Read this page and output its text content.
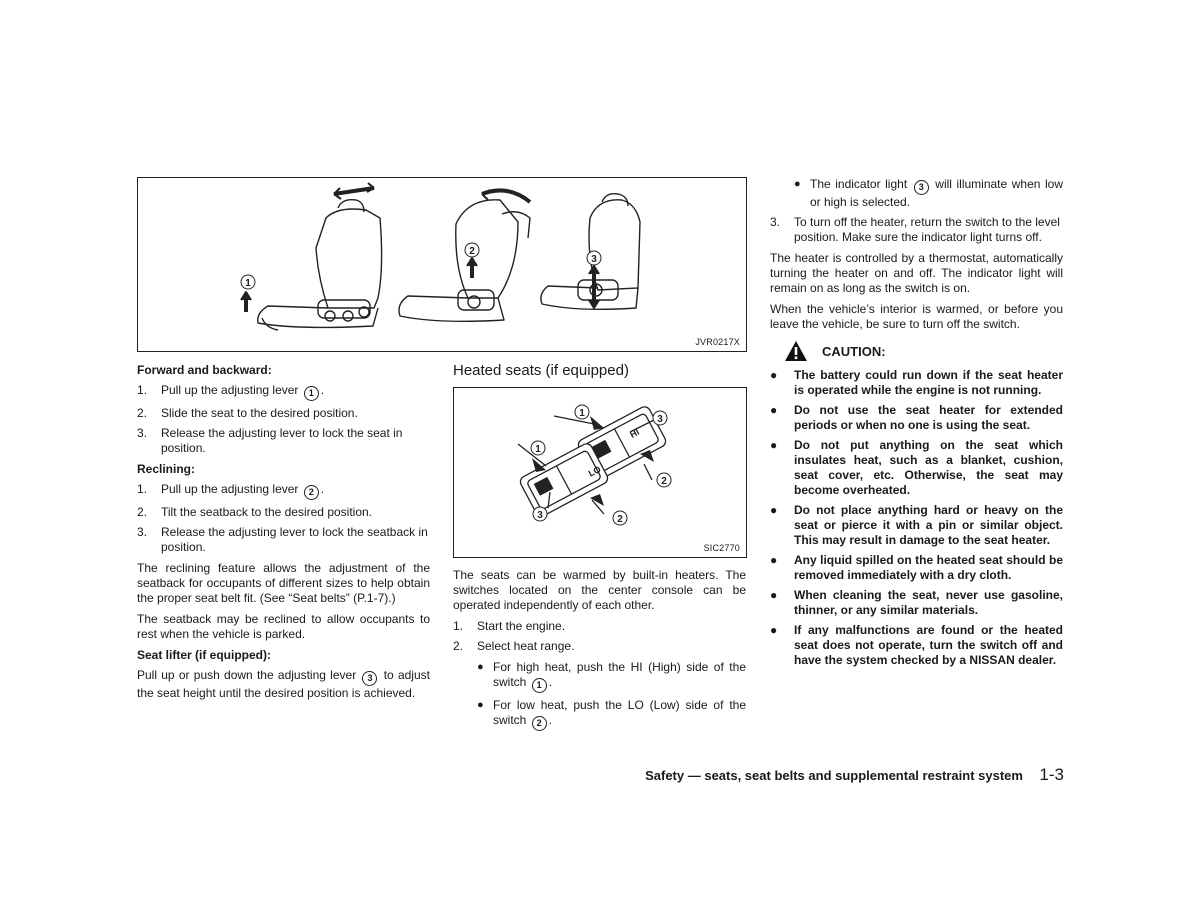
1
2
3
JVR0217X
Forward and backward:
1. Pull up the adjusting lever 1 .
2. Slide the seat to the desired position.
3. Release the adjusting lever to lock the seat in position.
Reclining:
1. Pull up the adjusting lever 2 .
2. Tilt the seatback to the desired position.
3. Release the adjusting lever to lock the seatback in position.

The reclining feature allows the adjustment of the seatback for occupants of different sizes to help obtain the proper seat belt fit. (See “Seat belts” (P.1-7).)

The seatback may be reclined to allow occupants to rest when the vehicle is parked.

Seat lifter (if equipped):

Pull up or push down the adjusting lever 3 to adjust the seat height until the desired position is achieved.

Heated seats (if equipped)
HI
LO
1
3
2
1
3	2
SIC2770

The seats can be warmed by built-in heaters. The switches located on the center console can be operated independently of each other.

1. Start the engine.
2. Select heat range.
● For high heat, push the HI (High) side of the switch 1 .
● For low heat, push the LO (Low) side of the switch 2 .
● The indicator light 3 will illuminate when low or high is selected.
3. To turn off the heater, return the switch to the level position. Make sure the indicator light turns off.

The heater is controlled by a thermostat, automatically turning the heater on and off. The indicator light will remain on as long as the switch is on.

When the vehicle’s interior is warmed, or before you leave the vehicle, be sure to turn off the switch.

CAUTION:
● The battery could run down if the seat heater is operated while the engine is not running.
● Do not use the seat heater for extended periods or when no one is using the seat.
● Do not put anything on the seat which insulates heat, such as a blanket, cushion, seat cover, etc. Otherwise, the seat may become overheated.
● Do not place anything hard or heavy on the seat or pierce it with a pin or similar object. This may result in damage to the seat heater.
● Any liquid spilled on the heated seat should be removed immediately with a dry cloth.
● When cleaning the seat, never use gasoline, thinner, or any similar materials.
● If any malfunctions are found or the heated seat does not operate, turn the switch off and have the system checked by a NISSAN dealer.
Safety — seats, seat belts and supplemental restraint system 1-3
